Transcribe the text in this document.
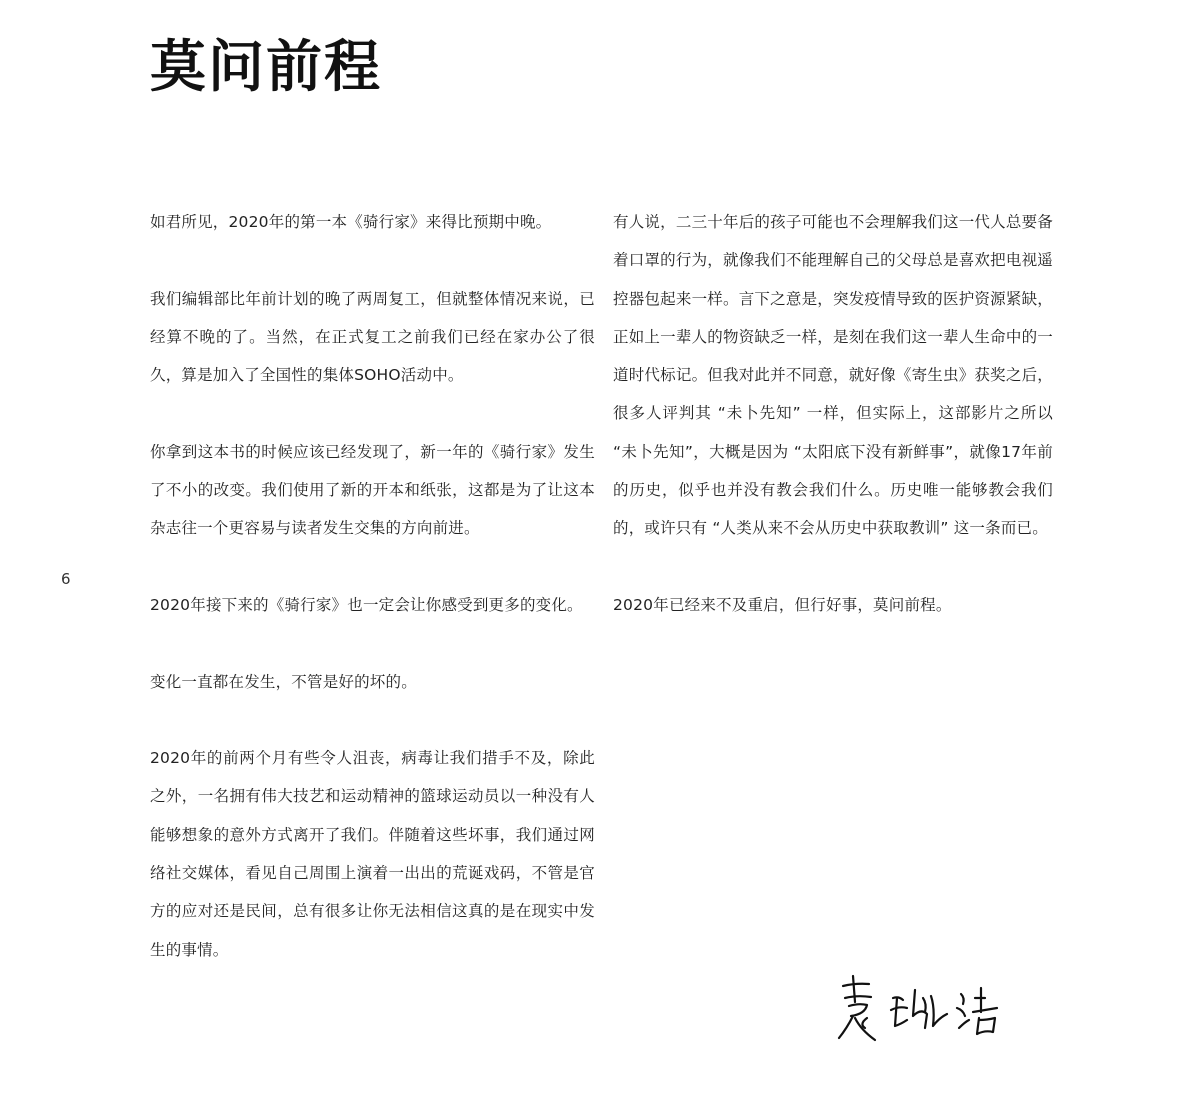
莫问前程
6

如君所见，2020年的第一本《骑行家》来得比预期中晚。

我们编辑部比年前计划的晚了两周复工，但就整体情况来说，已经算不晚的了。当然，在正式复工之前我们已经在家办公了很久，算是加入了全国性的集体SOHO活动中。

你拿到这本书的时候应该已经发现了，新一年的《骑行家》发生了不小的改变。我们使用了新的开本和纸张，这都是为了让这本杂志往一个更容易与读者发生交集的方向前进。

2020年接下来的《骑行家》也一定会让你感受到更多的变化。

变化一直都在发生，不管是好的坏的。

2020年的前两个月有些令人沮丧，病毒让我们措手不及，除此之外，一名拥有伟大技艺和运动精神的篮球运动员以一种没有人能够想象的意外方式离开了我们。伴随着这些坏事，我们通过网络社交媒体，看见自己周围上演着一出出的荒诞戏码，不管是官方的应对还是民间，总有很多让你无法相信这真的是在现实中发生的事情。

有人说，二三十年后的孩子可能也不会理解我们这一代人总要备着口罩的行为，就像我们不能理解自己的父母总是喜欢把电视遥控器包起来一样。言下之意是，突发疫情导致的医护资源紧缺，正如上一辈人的物资缺乏一样，是刻在我们这一辈人生命中的一道时代标记。但我对此并不同意，就好像《寄生虫》获奖之后，很多人评判其 “未卜先知” 一样，但实际上，这部影片之所以 “未卜先知”，大概是因为 “太阳底下没有新鲜事”，就像17年前的历史，似乎也并没有教会我们什么。历史唯一能够教会我们的，或许只有 “人类从来不会从历史中获取教训” 这一条而已。

2020年已经来不及重启，但行好事，莫问前程。
